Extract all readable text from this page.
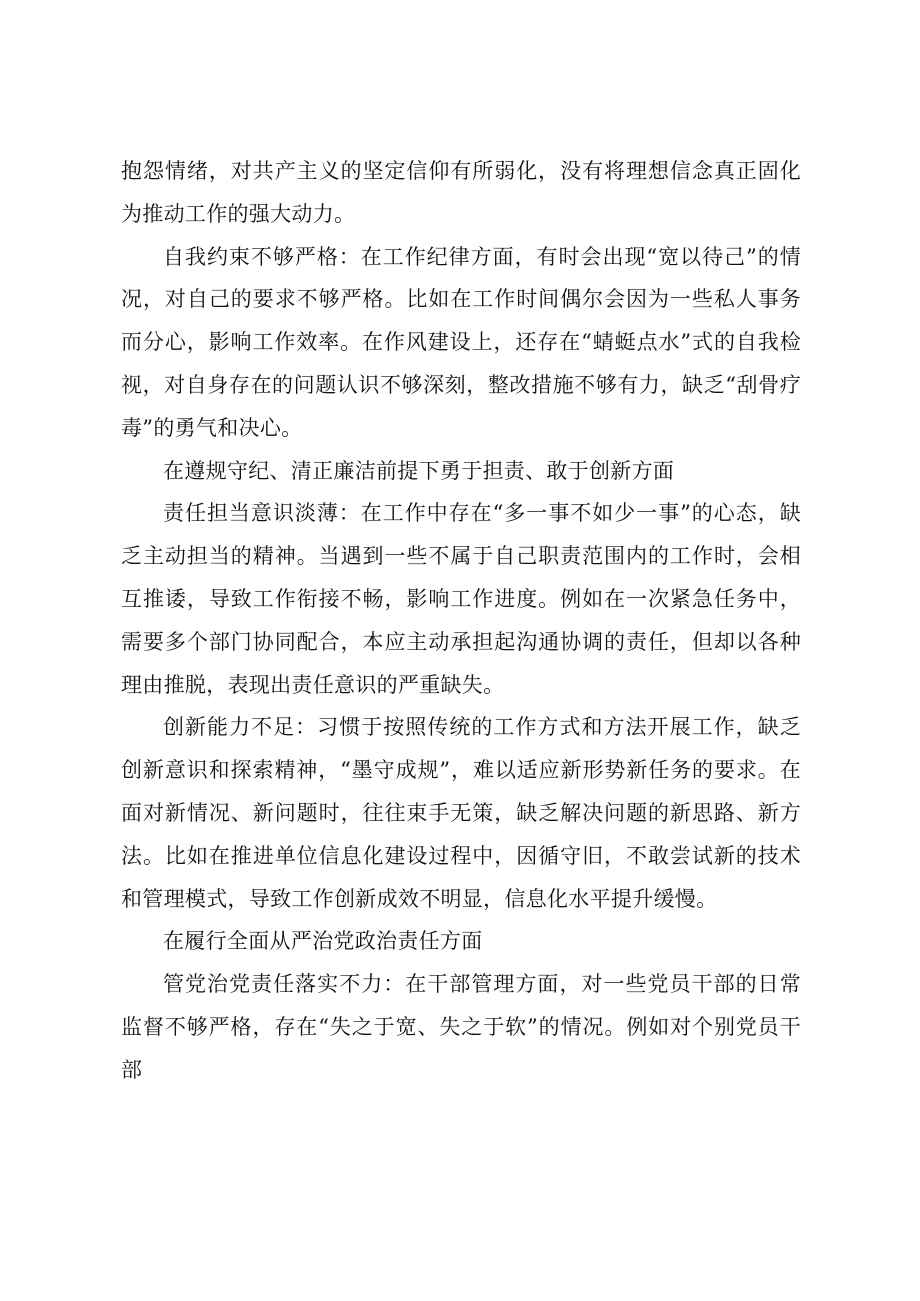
抱怨情绪，对共产主义的坚定信仰有所弱化，没有将理想信念真正固化为推动工作的强大动力。

自我约束不够严格：在工作纪律方面，有时会出现“宽以待己”的情况，对自己的要求不够严格。比如在工作时间偶尔会因为一些私人事务而分心，影响工作效率。在作风建设上，还存在“蜻蜓点水”式的自我检视，对自身存在的问题认识不够深刻，整改措施不够有力，缺乏“刮骨疗毒”的勇气和决心。

在遵规守纪、清正廉洁前提下勇于担责、敢于创新方面

责任担当意识淡薄：在工作中存在“多一事不如少一事”的心态，缺乏主动担当的精神。当遇到一些不属于自己职责范围内的工作时，会相互推诿，导致工作衔接不畅，影响工作进度。例如在一次紧急任务中，需要多个部门协同配合，本应主动承担起沟通协调的责任，但却以各种理由推脱，表现出责任意识的严重缺失。

创新能力不足：习惯于按照传统的工作方式和方法开展工作，缺乏创新意识和探索精神，“墨守成规”，难以适应新形势新任务的要求。在面对新情况、新问题时，往往束手无策，缺乏解决问题的新思路、新方法。比如在推进单位信息化建设过程中，因循守旧，不敢尝试新的技术和管理模式，导致工作创新成效不明显，信息化水平提升缓慢。

在履行全面从严治党政治责任方面

管党治党责任落实不力：在干部管理方面，对一些党员干部的日常监督不够严格，存在“失之于宽、失之于软”的情况。例如对个别党员干部
